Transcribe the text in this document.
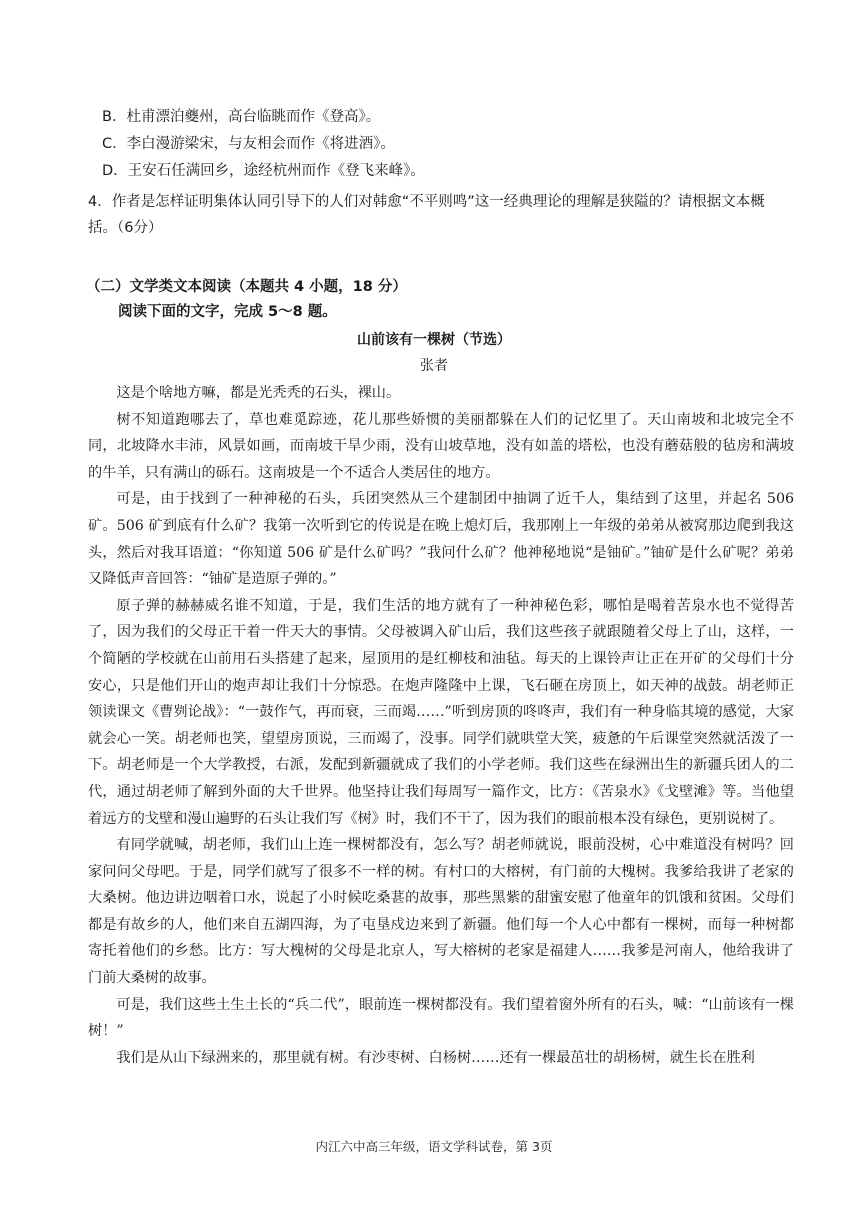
B．杜甫漂泊夔州，高台临眺而作《登高》。
C．李白漫游梁宋，与友相会而作《将进酒》。
D．王安石任满回乡，途经杭州而作《登飞来峰》。
4．作者是怎样证明集体认同引导下的人们对韩愈“不平则鸣”这一经典理论的理解是狭隘的？请根据文本概括。（6分）
（二）文学类文本阅读（本题共 4 小题，18 分）
阅读下面的文字，完成 5～8 题。
山前该有一棵树（节选）
张者

这是个啥地方嘛，都是光秃秃的石头，裸山。

树不知道跑哪去了，草也难觅踪迹，花儿那些娇惯的美丽都躲在人们的记忆里了。天山南坡和北坡完全不同，北坡降水丰沛，风景如画，而南坡干旱少雨，没有山坡草地，没有如盖的塔松，也没有蘑菇般的毡房和满坡的牛羊，只有满山的砾石。这南坡是一个不适合人类居住的地方。

可是，由于找到了一种神秘的石头，兵团突然从三个建制团中抽调了近千人，集结到了这里，并起名 506 矿。506 矿到底有什么矿？我第一次听到它的传说是在晚上熄灯后，我那刚上一年级的弟弟从被窝那边爬到我这头，然后对我耳语道：“你知道 506 矿是什么矿吗？”我问什么矿？他神秘地说“是铀矿。”铀矿是什么矿呢？弟弟又降低声音回答：“铀矿是造原子弹的。”

原子弹的赫赫威名谁不知道，于是，我们生活的地方就有了一种神秘色彩，哪怕是喝着苦泉水也不觉得苦了，因为我们的父母正干着一件天大的事情。父母被调入矿山后，我们这些孩子就跟随着父母上了山，这样，一个简陋的学校就在山前用石头搭建了起来，屋顶用的是红柳枝和油毡。每天的上课铃声让正在开矿的父母们十分安心，只是他们开山的炮声却让我们十分惊恐。在炮声隆隆中上课，飞石砸在房顶上，如天神的战鼓。胡老师正领读课文《曹刿论战》：“一鼓作气，再而衰，三而竭……”听到房顶的咚咚声，我们有一种身临其境的感觉，大家就会心一笑。胡老师也笑，望望房顶说，三而竭了，没事。同学们就哄堂大笑，疲惫的午后课堂突然就活泼了一下。胡老师是一个大学教授，右派，发配到新疆就成了我们的小学老师。我们这些在绿洲出生的新疆兵团人的二代，通过胡老师了解到外面的大千世界。他坚持让我们每周写一篇作文，比方：《苦泉水》《戈壁滩》等。当他望着远方的戈壁和漫山遍野的石头让我们写《树》时，我们不干了，因为我们的眼前根本没有绿色，更别说树了。

有同学就喊，胡老师，我们山上连一棵树都没有，怎么写？胡老师就说，眼前没树，心中难道没有树吗？回家问问父母吧。于是，同学们就写了很多不一样的树。有村口的大榕树，有门前的大槐树。我爹给我讲了老家的大桑树。他边讲边咽着口水，说起了小时候吃桑葚的故事，那些黑紫的甜蜜安慰了他童年的饥饿和贫困。父母们都是有故乡的人，他们来自五湖四海，为了屯垦戍边来到了新疆。他们每一个人心中都有一棵树，而每一种树都寄托着他们的乡愁。比方：写大槐树的父母是北京人，写大榕树的老家是福建人……我爹是河南人，他给我讲了门前大桑树的故事。

可是，我们这些土生土长的“兵二代”，眼前连一棵树都没有。我们望着窗外所有的石头，喊：“山前该有一棵树！”

我们是从山下绿洲来的，那里就有树。有沙枣树、白杨树……还有一棵最茁壮的胡杨树，就生长在胜利

内江六中高三年级，语文学科试卷，第 3页
